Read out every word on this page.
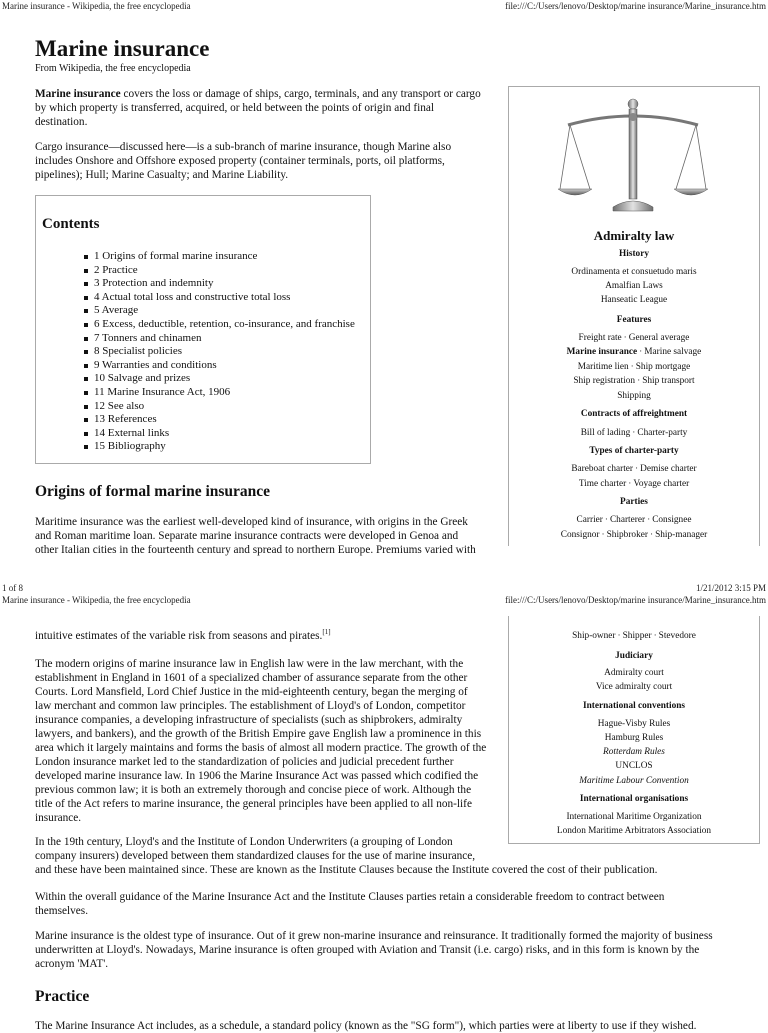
Marine insurance - Wikipedia, the free encyclopedia	file:///C:/Users/lenovo/Desktop/marine insurance/Marine_insurance.htm
Marine insurance
From Wikipedia, the free encyclopedia

Marine insurance covers the loss or damage of ships, cargo, terminals, and any transport or cargo
by which property is transferred, acquired, or held between the points of origin and final
destination.

Cargo insurance—discussed here—is a sub-branch of marine insurance, though Marine also
includes Onshore and Offshore exposed property (container terminals, ports, oil platforms,
pipelines); Hull; Marine Casualty; and Marine Liability.

Contents
1 Origins of formal marine insurance
2 Practice
3 Protection and indemnity
4 Actual total loss and constructive total loss
5 Average
6 Excess, deductible, retention, co-insurance, and franchise
7 Tonners and chinamen
8 Specialist policies
9 Warranties and conditions
10 Salvage and prizes
11 Marine Insurance Act, 1906
12 See also
13 References
14 External links
15 Bibliography
Origins of formal marine insurance

Maritime insurance was the earliest well-developed kind of insurance, with origins in the Greek
and Roman maritime loan. Separate marine insurance contracts were developed in Genoa and
other Italian cities in the fourteenth century and spread to northern Europe. Premiums varied with

Admiralty law
History
Ordinamenta et consuetudo maris
Amalfian Laws
Hanseatic League
Features
Freight rate · General average
Marine insurance · Marine salvage
Maritime lien · Ship mortgage
Ship registration · Ship transport
Shipping
Contracts of affreightment
Bill of lading · Charter-party
Types of charter-party
Bareboat charter · Demise charter
Time charter · Voyage charter
Parties
Carrier · Charterer · Consignee
Consignor · Shipbroker · Ship-manager
1 of 8	1/21/2012 3:15 PM
Marine insurance - Wikipedia, the free encyclopedia	file:///C:/Users/lenovo/Desktop/marine insurance/Marine_insurance.htm

intuitive estimates of the variable risk from seasons and pirates.[1]

The modern origins of marine insurance law in English law were in the law merchant, with the
establishment in England in 1601 of a specialized chamber of assurance separate from the other
Courts. Lord Mansfield, Lord Chief Justice in the mid-eighteenth century, began the merging of
law merchant and common law principles. The establishment of Lloyd's of London, competitor
insurance companies, a developing infrastructure of specialists (such as shipbrokers, admiralty
lawyers, and bankers), and the growth of the British Empire gave English law a prominence in this
area which it largely maintains and forms the basis of almost all modern practice. The growth of the
London insurance market led to the standardization of policies and judicial precedent further
developed marine insurance law. In 1906 the Marine Insurance Act was passed which codified the
previous common law; it is both an extremely thorough and concise piece of work. Although the
title of the Act refers to marine insurance, the general principles have been applied to all non-life
insurance.

In the 19th century, Lloyd's and the Institute of London Underwriters (a grouping of London
company insurers) developed between them standardized clauses for the use of marine insurance,
and these have been maintained since. These are known as the Institute Clauses because the Institute covered the cost of their publication.

Within the overall guidance of the Marine Insurance Act and the Institute Clauses parties retain a considerable freedom to contract between
themselves.

Marine insurance is the oldest type of insurance. Out of it grew non-marine insurance and reinsurance. It traditionally formed the majority of business
underwritten at Lloyd's. Nowadays, Marine insurance is often grouped with Aviation and Transit (i.e. cargo) risks, and in this form is known by the
acronym 'MAT'.

Practice

The Marine Insurance Act includes, as a schedule, a standard policy (known as the "SG form"), which parties were at liberty to use if they wished.

Ship-owner · Shipper · Stevedore
Judiciary
Admiralty court
Vice admiralty court
International conventions
Hague-Visby Rules
Hamburg Rules
Rotterdam Rules
UNCLOS
Maritime Labour Convention
International organisations
International Maritime Organization
London Maritime Arbitrators Association
